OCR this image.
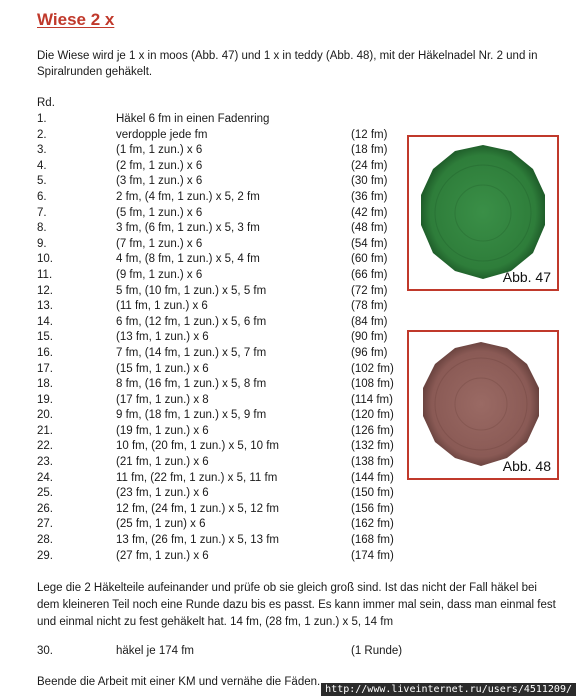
Wiese 2 x
Die Wiese wird je 1 x in moos (Abb. 47) und 1 x in teddy (Abb. 48), mit der Häkelnadel Nr. 2 und in Spiralrunden gehäkelt.
Rd.
1.	Häkel 6 fm in einen Fadenring
2.	verdopple jede fm	(12 fm)
3.	(1 fm, 1 zun.) x 6	(18 fm)
4.	(2 fm, 1 zun.) x 6	(24 fm)
5.	(3 fm, 1 zun.) x 6	(30 fm)
6.	2 fm, (4 fm, 1 zun.) x 5, 2 fm	(36 fm)
7.	(5 fm, 1 zun.) x 6	(42 fm)
8.	3 fm, (6 fm, 1 zun.) x 5, 3 fm	(48 fm)
9.	(7 fm, 1 zun.) x 6	(54 fm)
10.	4 fm, (8 fm, 1 zun.) x 5, 4 fm	(60 fm)
11.	(9 fm, 1 zun.) x 6	(66 fm)
12.	5 fm, (10 fm, 1 zun.) x 5, 5 fm	(72 fm)
13.	(11 fm, 1 zun.) x 6	(78 fm)
14.	6 fm, (12 fm, 1 zun.) x 5, 6 fm	(84 fm)
15.	(13 fm, 1 zun.) x 6	(90 fm)
16.	7 fm, (14 fm, 1 zun.) x 5, 7 fm	(96 fm)
17.	(15 fm, 1 zun.) x 6	(102 fm)
18.	8 fm, (16 fm, 1 zun.) x 5, 8 fm	(108 fm)
19.	(17 fm, 1 zun.) x 8	(114 fm)
20.	9 fm, (18 fm, 1 zun.) x 5, 9 fm	(120 fm)
21.	(19 fm, 1 zun.) x 6	(126 fm)
22.	10 fm, (20 fm, 1 zun.) x 5, 10 fm	(132 fm)
23.	(21 fm, 1 zun.) x 6	(138 fm)
24.	11 fm, (22 fm, 1 zun.) x 5, 11 fm	(144 fm)
25.	(23 fm, 1 zun.) x 6	(150 fm)
26.	12 fm, (24 fm, 1 zun.) x 5, 12 fm	(156 fm)
27.	(25 fm, 1 zun) x 6	(162 fm)
28.	13 fm, (26 fm, 1 zun.) x 5, 13 fm	(168 fm)
29.	(27 fm, 1 zun.) x 6	(174 fm)
Abb. 47
Abb. 48
Lege die 2 Häkelteile aufeinander und prüfe ob sie gleich groß sind. Ist das nicht der Fall häkel bei dem kleineren Teil noch eine Runde dazu bis es passt. Es kann immer mal sein, dass man einmal fest und einmal nicht zu fest gehäkelt hat. 14 fm, (28 fm, 1 zun.) x 5, 14 fm
30.	häkel je 174 fm	(1 Runde)
Beende die Arbeit mit einer KM und vernähe die Fäden.
http://www.liveinternet.ru/users/4511209/
